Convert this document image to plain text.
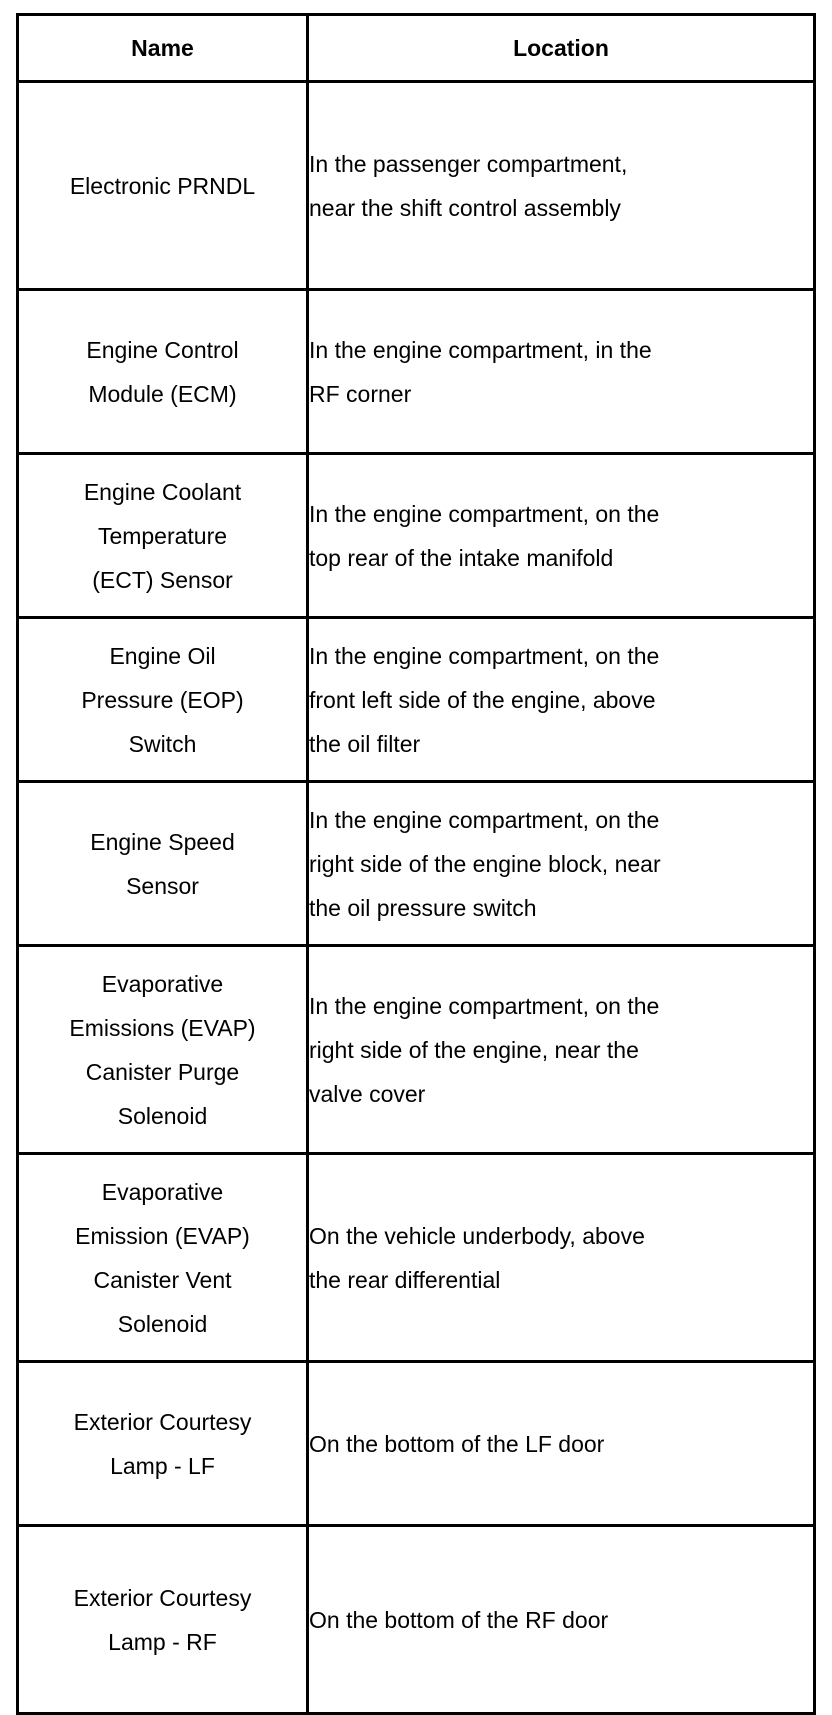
Name	Location

Electronic PRNDL	In the passenger compartment,
near the shift control assembly

Engine Control
Module (ECM)	In the engine compartment, in the
RF corner

Engine Coolant
Temperature
(ECT) Sensor	In the engine compartment, on the
top rear of the intake manifold

Engine Oil
Pressure (EOP)
Switch	In the engine compartment, on the
front left side of the engine, above
the oil filter

Engine Speed
Sensor	In the engine compartment, on the
right side of the engine block, near
the oil pressure switch

Evaporative
Emissions (EVAP)
Canister Purge
Solenoid	In the engine compartment, on the
right side of the engine, near the
valve cover

Evaporative
Emission (EVAP)
Canister Vent
Solenoid	On the vehicle underbody, above
the rear differential

Exterior Courtesy
Lamp - LF	On the bottom of the LF door

Exterior Courtesy
Lamp - RF	On the bottom of the RF door
